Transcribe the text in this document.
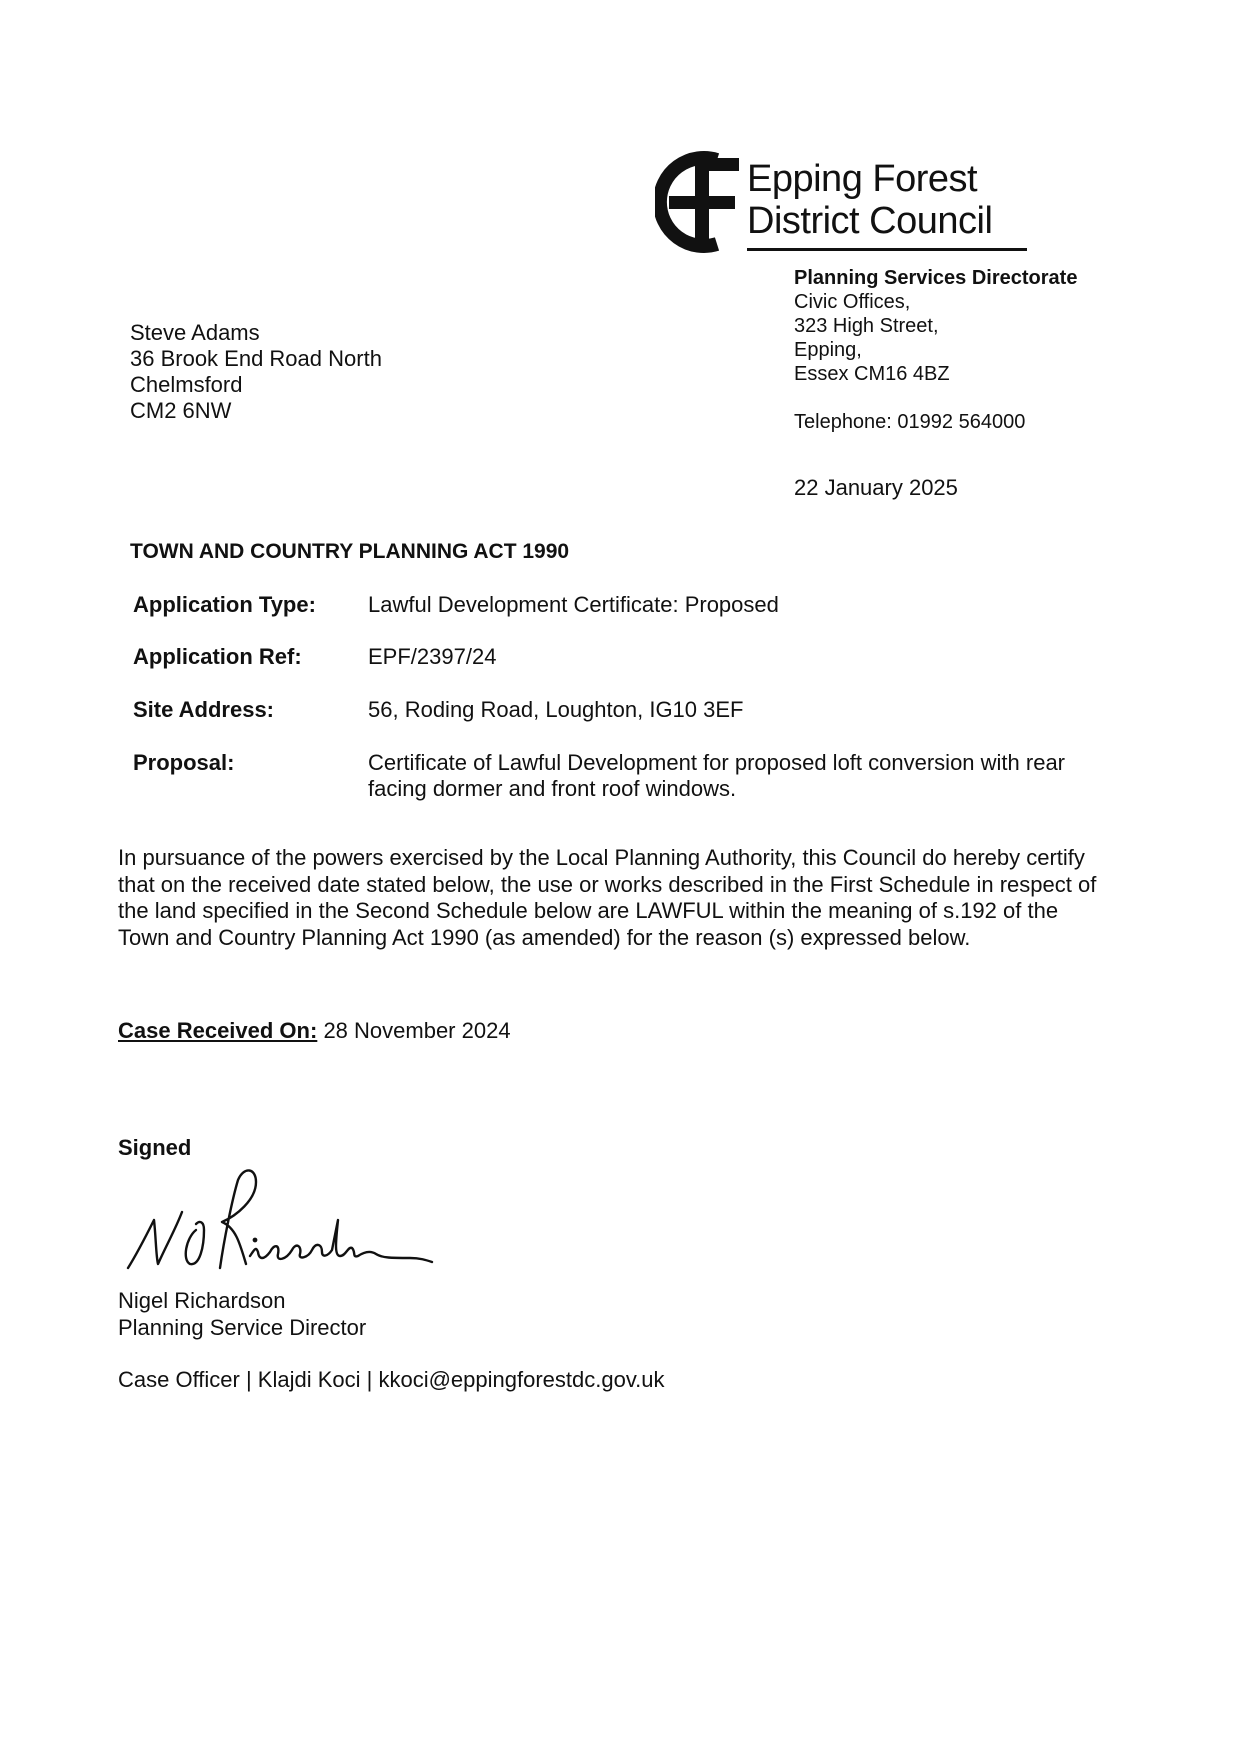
Epping Forest
District Council
Planning Services Directorate
Civic Offices,
323 High Street,
Epping,
Essex CM16 4BZ
Telephone: 01992 564000
22 January 2025
Steve Adams
36 Brook End Road North
Chelmsford
CM2 6NW
TOWN AND COUNTRY PLANNING ACT 1990
Application Type: Lawful Development Certificate: Proposed
Application Ref:	EPF/2397/24
Site Address:	56, Roding Road, Loughton, IG10 3EF
Proposal:	Certificate of Lawful Development for proposed loft conversion with rear facing dormer and front roof windows.
In pursuance of the powers exercised by the Local Planning Authority, this Council do hereby certify that on the received date stated below, the use or works described in the First Schedule in respect of the land specified in the Second Schedule below are LAWFUL within the meaning of s.192 of the Town and Country Planning Act 1990 (as amended) for the reason (s) expressed below.
Case Received On: 28 November 2024
Signed
Nigel Richardson
Planning Service Director
Case Officer | Klajdi Koci | kkoci@eppingforestdc.gov.uk
